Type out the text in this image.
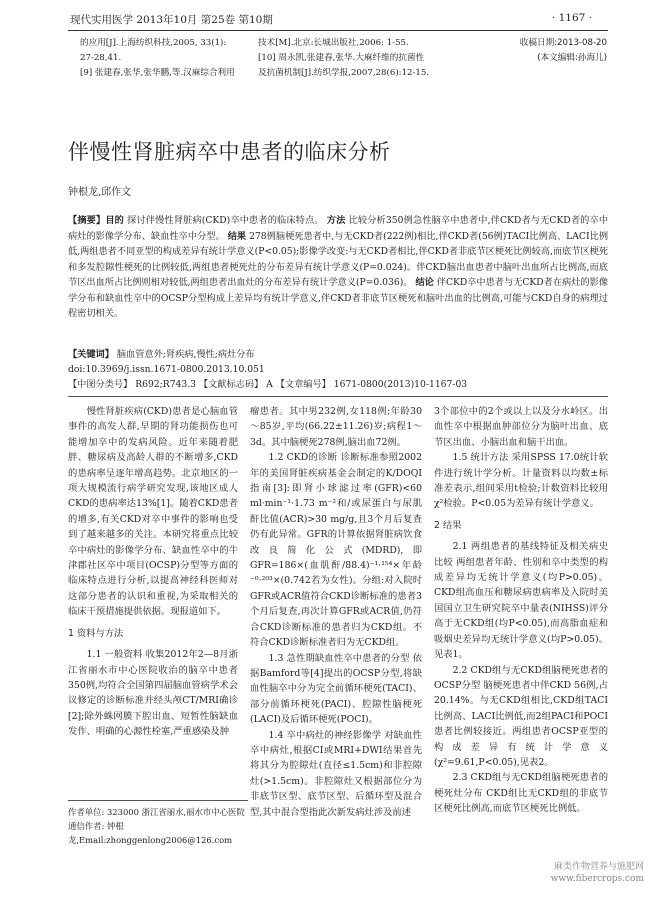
现代实用医学 2013年10月 第25卷 第10期	· 1167 ·
的应用[J].上海纺织科技,2005, 33(1):
27-28,41.
[9] 张建春,张华,张华鹏,等.汉麻综合利用
技术[M].北京:长城出版社,2006: 1-55.
[10] 周永凯,张建春,张华.大麻纤维的抗菌性
及抗菌机制[J].纺织学报,2007,28(6):12-15.
收稿日期:2013-08-20
(本文编辑:孙海儿)
伴慢性肾脏病卒中患者的临床分析
钟根龙,邱作文
【摘要】目的 探讨伴慢性肾脏病(CKD)卒中患者的临床特点。 方法 比较分析350例急性脑卒中患者中,伴CKD者与无CKD者的卒中病灶的影像学分布、缺血性卒中分型。 结果 278例脑梗死患者中,与无CKD者(222例)相比,伴CKD者(56例)TACI比例高、LACI比例低,两组患者不同亚型的构成差异有统计学意义(P<0.05);影像学改变:与无CKD者相比,伴CKD者非底节区梗死比例较高,而底节区梗死和多发腔隙性梗死的比例较低,两组患者梗死灶的分布差异有统计学意义(P=0.024)。伴CKD脑出血患者中脑叶出血所占比例高,而底节区出血所占比例则相对较低,两组患者出血灶的分布差异有统计学意义(P=0.036)。 结论 伴CKD卒中患者与无CKD者在病灶的影像学分布和缺血性卒中的OCSP分型构成上差异均有统计学意义,伴CKD者非底节区梗死和脑叶出血的比例高,可能与CKD自身的病理过程密切相关。
【关键词】 脑血管意外;肾疾病,慢性;病灶分布
doi:10.3969/j.issn.1671-0800.2013.10.051
【中图分类号】 R692;R743.3 【文献标志码】 A 【文章编号】 1671-0800(2013)10-1167-03

慢性肾脏疾病(CKD)患者是心脑血管事件的高发人群,早期的肾功能损伤也可能增加卒中的发病风险。近年来随着肥胖、糖尿病及高龄人群的不断增多,CKD的患病率呈逐年增高趋势。北京地区的一项大规模流行病学研究发现,该地区成人CKD的患病率达13%[1]。随着CKD患者的增多,有关CKD对卒中事件的影响也受到了越来越多的关注。本研究将重点比较卒中病灶的影像学分布、缺血性卒中的牛津郡社区卒中项目(OCSP)分型等方面的临床特点进行分析,以提高神经科医师对这部分患者的认识和重视,为采取相关的临床干预措施提供依据。现报道如下。

1 资料与方法

1.1 一般资料 收集2012年2—8月浙江省丽水市中心医院收治的脑卒中患者350例,均符合全国第四届脑血管病学术会议修定的诊断标准并经头颅CT/MRI确诊[2];除外蛛网膜下腔出血、短暂性脑缺血发作、明确的心源性栓塞,严重感染及肿

作者单位: 323000 浙江省丽水,丽水市中心医院
通信作者: 钟根龙,Email:zhonggenlong2006@126.com

瘤患者。其中男232例,女118例;年龄30～85岁,平均(66.22±11.26)岁;病程1～3d。其中脑梗死278例,脑出血72例。

1.2 CKD的诊断 诊断标准参照2002年的美国肾脏疾病基金会制定的K/DOQI指南[3]:即肾小球滤过率(GFR)<60 ml·min⁻¹·1.73 m⁻²和/或尿蛋白与尿肌酐比值(ACR)>30 mg/g,且3个月后复查仍有此异常。GFR的计算依据肾脏病饮食改良简化公式(MDRD),即GFR=186×(血肌酐/88.4)⁻¹·¹⁵⁴×年龄⁻⁰·²⁰³×(0.742若为女性)。分组:对入院时GFR或ACR值符合CKD诊断标准的患者3个月后复查,再次计算GFR或ACR值,仍符合CKD诊断标准的患者归为CKD组。不符合CKD诊断标准者归为无CKD组。

1.3 急性期缺血性卒中患者的分型 依据Bamford等[4]提出的OCSP分型,将缺血性脑卒中分为完全前循环梗死(TACI)、部分前循环梗死(PACI)、腔隙性脑梗死(LACI)及后循环梗死(POCI)。

1.4 卒中病灶的神经影像学 对缺血性卒中病灶,根据CI或MRI+DWI结果首先将其分为腔隙灶(直径≤1.5cm)和非腔隙灶(>1.5cm)。非腔隙灶又根据部位分为非底节区型、底节区型、后循环型及混合型,其中混合型指此次新发病灶涉及前述

3个部位中的2个或以上以及分水岭区。出血性卒中根据血肿部位分为脑叶出血、底节区出血、小脑出血和脑干出血。

1.5 统计方法 采用SPSS 17.0统计软件进行统计学分析。计量资料以均数±标准差表示,组间采用t检验;计数资料比较用χ²检验。P<0.05为差异有统计学意义。

2 结果

2.1 两组患者的基线特征及相关病史比较 两组患者年龄、性别和卒中类型的构成差异均无统计学意义(均P>0.05)。CKD组高血压和糖尿病患病率及入院时美国国立卫生研究院卒中量表(NIHSS)评分高于无CKD组(均P<0.05),而高脂血症和吸烟史差异均无统计学意义(均P>0.05)。见表1。

2.2 CKD组与无CKD组脑梗死患者的OCSP分型 脑梗死患者中伴CKD 56例,占20.14%。与无CKD组相比,CKD组TACI比例高、LACI比例低,而2组PACI和POCI患者比例较接近。两组患者OCSP亚型的构成差异有统计学意义(χ²=9.61,P<0.05),见表2。

2.3 CKD组与无CKD组脑梗死患者的梗死灶分布 CKD组比无CKD组的非底节区梗死比例高,而底节区梗死比例低。

麻类作物营养与施肥网
www.fibercrops.com
